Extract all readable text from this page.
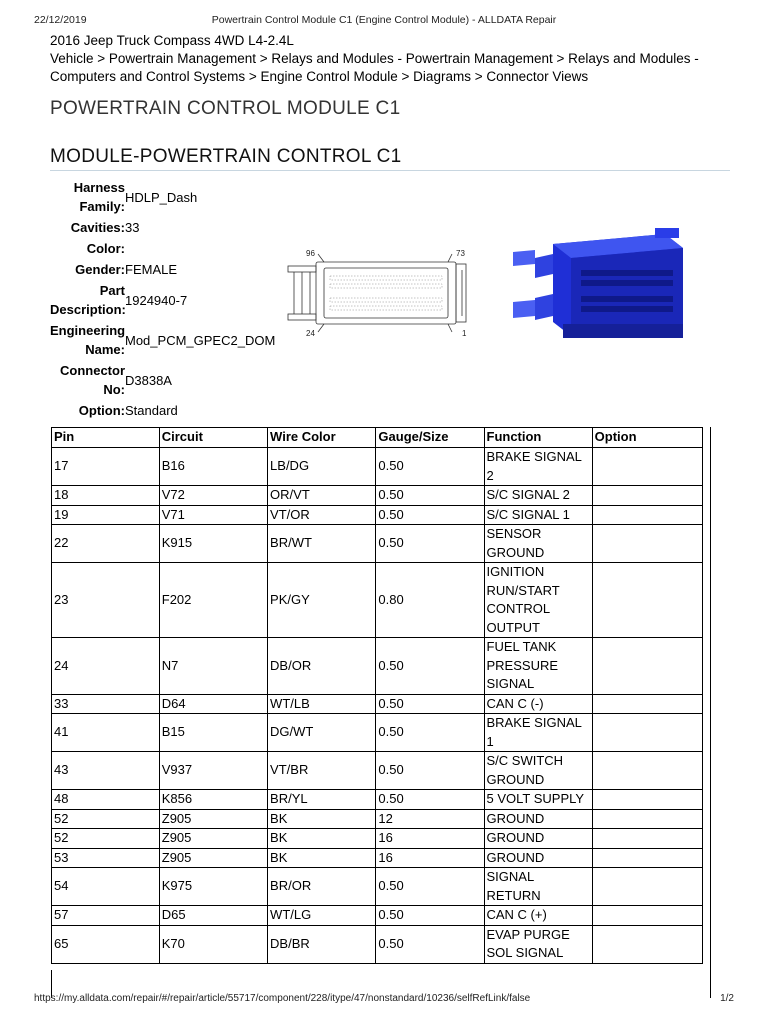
22/12/2019	Powertrain Control Module C1 (Engine Control Module) - ALLDATA Repair
2016 Jeep Truck Compass 4WD L4-2.4L
Vehicle > Powertrain Management > Relays and Modules - Powertrain Management > Relays and Modules - Computers and Control Systems > Engine Control Module > Diagrams > Connector Views
POWERTRAIN CONTROL MODULE C1
MODULE-POWERTRAIN CONTROL C1
Harness Family:
HDLP_Dash
Cavities: 33
Color:
Gender: FEMALE
Part Description:
1924940-7
Engineering Name:
Mod_PCM_GPEC2_DOM
Connector No:
D3838A
Option: Standard
96	73
24	1
Pin	Circuit	Wire Color	Gauge/Size	Function	Option
17	B16	LB/DG	0.50	BRAKE SIGNAL 2	
18	V72	OR/VT	0.50	S/C SIGNAL 2	
19	V71	VT/OR	0.50	S/C SIGNAL 1	
22	K915	BR/WT	0.50	SENSOR GROUND	
23	F202	PK/GY	0.80	IGNITION RUN/START CONTROL OUTPUT	
24	N7	DB/OR	0.50	FUEL TANK PRESSURE SIGNAL	
33	D64	WT/LB	0.50	CAN C (-)	
41	B15	DG/WT	0.50	BRAKE SIGNAL 1	
43	V937	VT/BR	0.50	S/C SWITCH GROUND	
48	K856	BR/YL	0.50	5 VOLT SUPPLY	
52	Z905	BK	12	GROUND	
52	Z905	BK	16	GROUND	
53	Z905	BK	16	GROUND	
54	K975	BR/OR	0.50	SIGNAL RETURN	
57	D65	WT/LG	0.50	CAN C (+)	
65	K70	DB/BR	0.50	EVAP PURGE SOL SIGNAL	
https://my.alldata.com/repair/#/repair/article/55717/component/228/itype/47/nonstandard/10236/selfRefLink/false	1/2
